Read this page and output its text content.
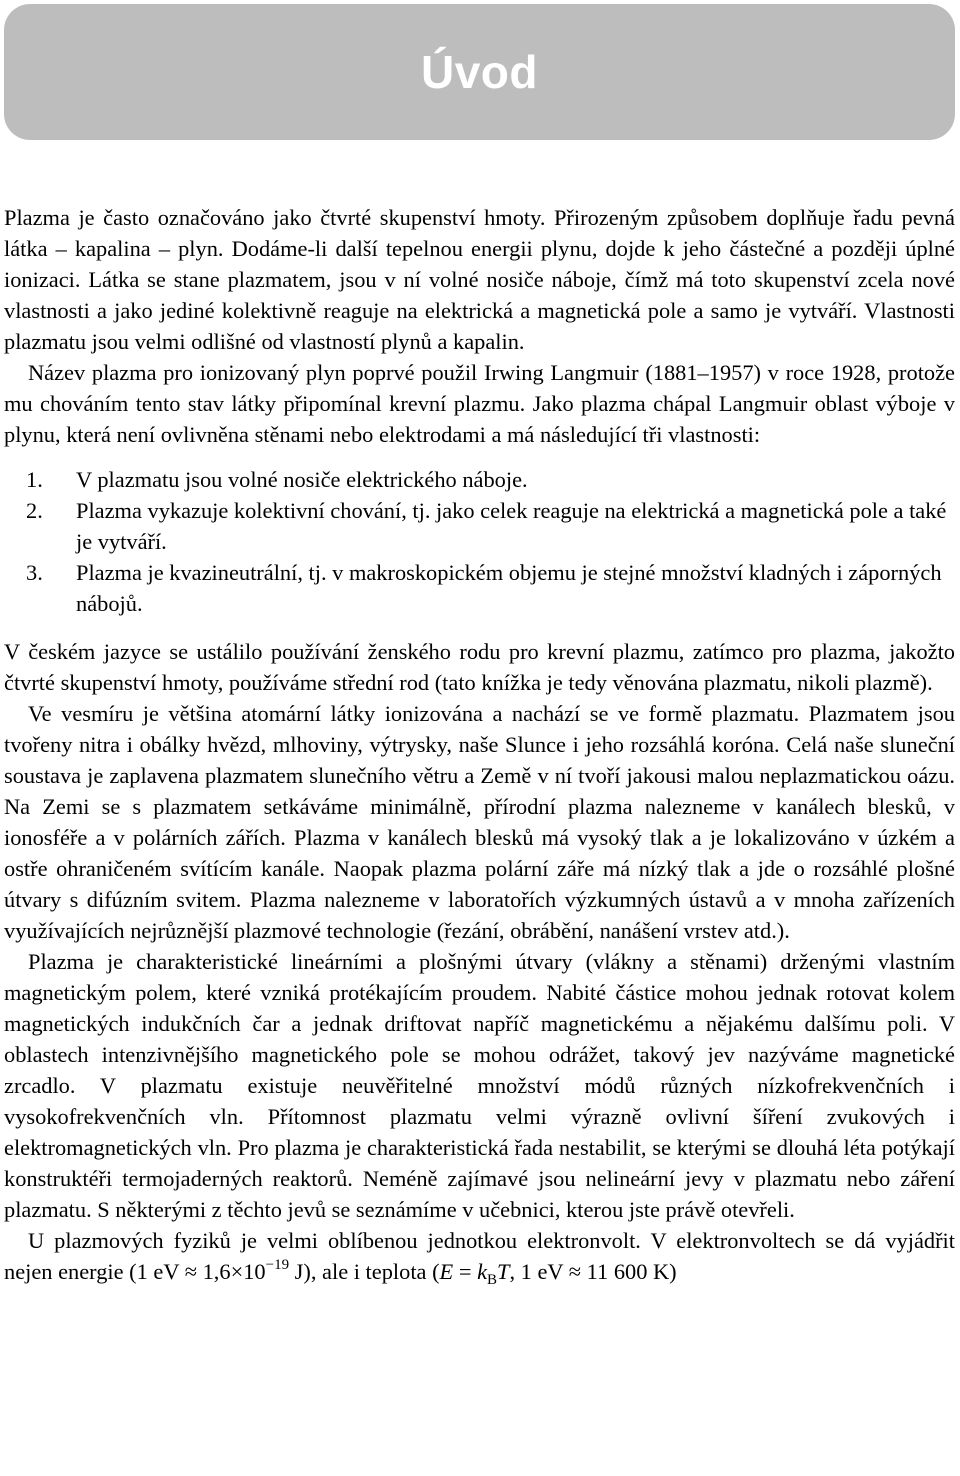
Úvod

Plazma je často označováno jako čtvrté skupenství hmoty. Přirozeným způsobem doplňuje řadu pevná látka – kapalina – plyn. Dodáme-li další tepelnou energii plynu, dojde k jeho částečné a později úplné ionizaci. Látka se stane plazmatem, jsou v ní volné nosiče náboje, čímž má toto skupenství zcela nové vlastnosti a jako jediné kolektivně reaguje na elektrická a magnetická pole a samo je vytváří. Vlastnosti plazmatu jsou velmi odlišné od vlastností plynů a kapalin.

Název plazma pro ionizovaný plyn poprvé použil Irwing Langmuir (1881–1957) v roce 1928, protože mu chováním tento stav látky připomínal krevní plazmu. Jako plazma chápal Langmuir oblast výboje v plynu, která není ovlivněna stěnami nebo elektrodami a má následující tři vlastnosti:

1.	V plazmatu jsou volné nosiče elektrického náboje.
2.	Plazma vykazuje kolektivní chování, tj. jako celek reaguje na elektrická a magnetická pole a také je vytváří.
3.	Plazma je kvazineutrální, tj. v makroskopickém objemu je stejné množství kladných i záporných nábojů.

V českém jazyce se ustálilo používání ženského rodu pro krevní plazmu, zatímco pro plazma, jakožto čtvrté skupenství hmoty, používáme střední rod (tato knížka je tedy věnována plazmatu, nikoli plazmě).

Ve vesmíru je většina atomární látky ionizována a nachází se ve formě plazmatu. Plazmatem jsou tvořeny nitra i obálky hvězd, mlhoviny, výtrysky, naše Slunce i jeho rozsáhlá koróna. Celá naše sluneční soustava je zaplavena plazmatem slunečního větru a Země v ní tvoří jakousi malou neplazmatickou oázu. Na Zemi se s plazmatem setkáváme minimálně, přírodní plazma nalezneme v kanálech blesků, v ionosféře a v polárních zářích. Plazma v kanálech blesků má vysoký tlak a je lokalizováno v úzkém a ostře ohraničeném svítícím kanále. Naopak plazma polární záře má nízký tlak a jde o rozsáhlé plošné útvary s difúzním svitem. Plazma nalezneme v laboratořích výzkumných ústavů a v mnoha zařízeních využívajících nejrůznější plazmové technologie (řezání, obrábění, nanášení vrstev atd.).

Plazma je charakteristické lineárními a plošnými útvary (vlákny a stěnami) drženými vlastním magnetickým polem, které vzniká protékajícím proudem. Nabité částice mohou jednak rotovat kolem magnetických indukčních čar a jednak driftovat napříč magnetickému a nějakému dalšímu poli. V oblastech intenzivnějšího magnetického pole se mohou odrážet, takový jev nazýváme magnetické zrcadlo. V plazmatu existuje neuvěřitelné množství módů různých nízkofrekvenčních i vysokofrekvenčních vln. Přítomnost plazmatu velmi výrazně ovlivní šíření zvukových i elektromagnetických vln. Pro plazma je charakteristická řada nestabilit, se kterými se dlouhá léta potýkají konstruktéři termojaderných reaktorů. Neméně zajímavé jsou nelineární jevy v plazmatu nebo záření plazmatu. S některými z těchto jevů se seznámíme v učebnici, kterou jste právě otevřeli.

U plazmových fyziků je velmi oblíbenou jednotkou elektronvolt. V elektronvoltech se dá vyjádřit nejen energie (1 eV ≈ $1,6\times 10^{-19}$ J), ale i teplota ($E = k_BT$, 1 eV ≈ 11 600 K)
